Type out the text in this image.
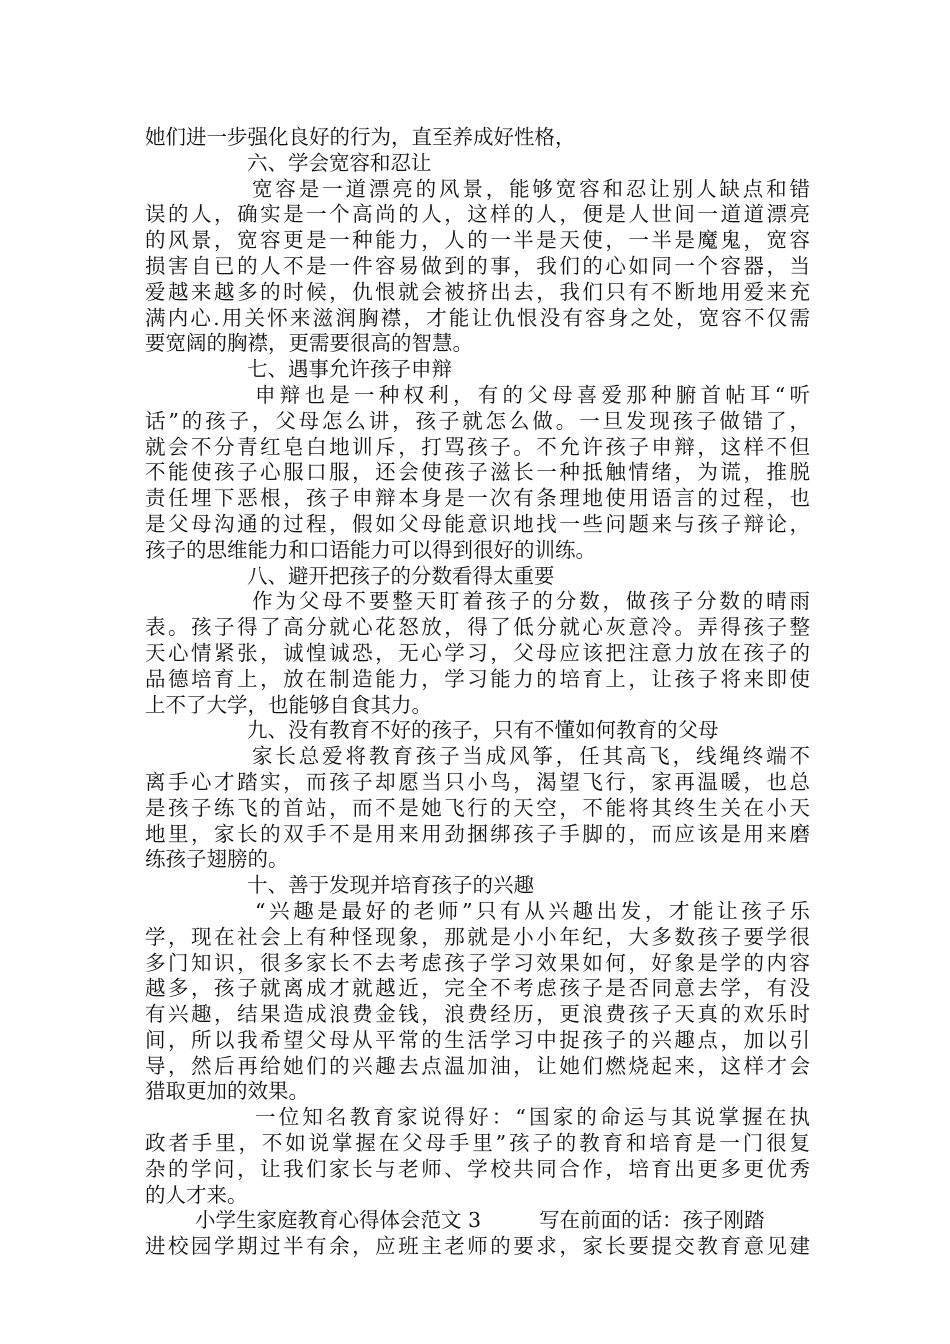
她们进一步强化良好的行为，直至养成好性格，
六、学会宽容和忍让
宽容是一道漂亮的风景，能够宽容和忍让别人缺点和错
误的人，确实是一个高尚的人，这样的人，便是人世间一道道漂亮
的风景，宽容更是一种能力，人的一半是天使，一半是魔鬼，宽容
损害自已的人不是一件容易做到的事，我们的心如同一个容器，当
爱越来越多的时候，仇恨就会被挤出去，我们只有不断地用爱来充
满内心.用关怀来滋润胸襟，才能让仇恨没有容身之处，宽容不仅需
要宽阔的胸襟，更需要很高的智慧。
七、遇事允许孩子申辩
申辩也是一种权利，有的父母喜爱那种腑首帖耳“听
话”的孩子，父母怎么讲，孩子就怎么做。一旦发现孩子做错了，
就会不分青红皂白地训斥，打骂孩子。不允许孩子申辩，这样不但
不能使孩子心服口服，还会使孩子滋长一种抵触情绪，为谎，推脱
责任埋下恶根，孩子申辩本身是一次有条理地使用语言的过程，也
是父母沟通的过程，假如父母能意识地找一些问题来与孩子辩论，
孩子的思维能力和口语能力可以得到很好的训练。
八、避开把孩子的分数看得太重要
作为父母不要整天盯着孩子的分数，做孩子分数的晴雨
表。孩子得了高分就心花怒放，得了低分就心灰意冷。弄得孩子整
天心情紧张，诚惶诚恐，无心学习，父母应该把注意力放在孩子的
品德培育上，放在制造能力，学习能力的培育上，让孩子将来即使
上不了大学，也能够自食其力。
九、没有教育不好的孩子，只有不懂如何教育的父母
家长总爱将教育孩子当成风筝，任其高飞，线绳终端不
离手心才踏实，而孩子却愿当只小鸟，渴望飞行，家再温暖，也总
是孩子练飞的首站，而不是她飞行的天空，不能将其终生关在小天
地里，家长的双手不是用来用劲捆绑孩子手脚的，而应该是用来磨
练孩子翅膀的。
十、善于发现并培育孩子的兴趣
“兴趣是最好的老师”只有从兴趣出发，才能让孩子乐
学，现在社会上有种怪现象，那就是小小年纪，大多数孩子要学很
多门知识，很多家长不去考虑孩子学习效果如何，好象是学的内容
越多，孩子就离成才就越近，完全不考虑孩子是否同意去学，有没
有兴趣，结果造成浪费金钱，浪费经历，更浪费孩子天真的欢乐时
间，所以我希望父母从平常的生活学习中捉孩子的兴趣点，加以引
导，然后再给她们的兴趣去点温加油，让她们燃烧起来，这样才会
猎取更加的效果。
一位知名教育家说得好：“国家的命运与其说掌握在执
政者手里，不如说掌握在父母手里”孩子的教育和培育是一门很复
杂的学问，让我们家长与老师、学校共同合作，培育出更多更优秀
的人才来。
小学生家庭教育心得体会范文 3	写在前面的话：孩子刚踏
进校园学期过半有余，应班主老师的要求，家长要提交教育意见建
